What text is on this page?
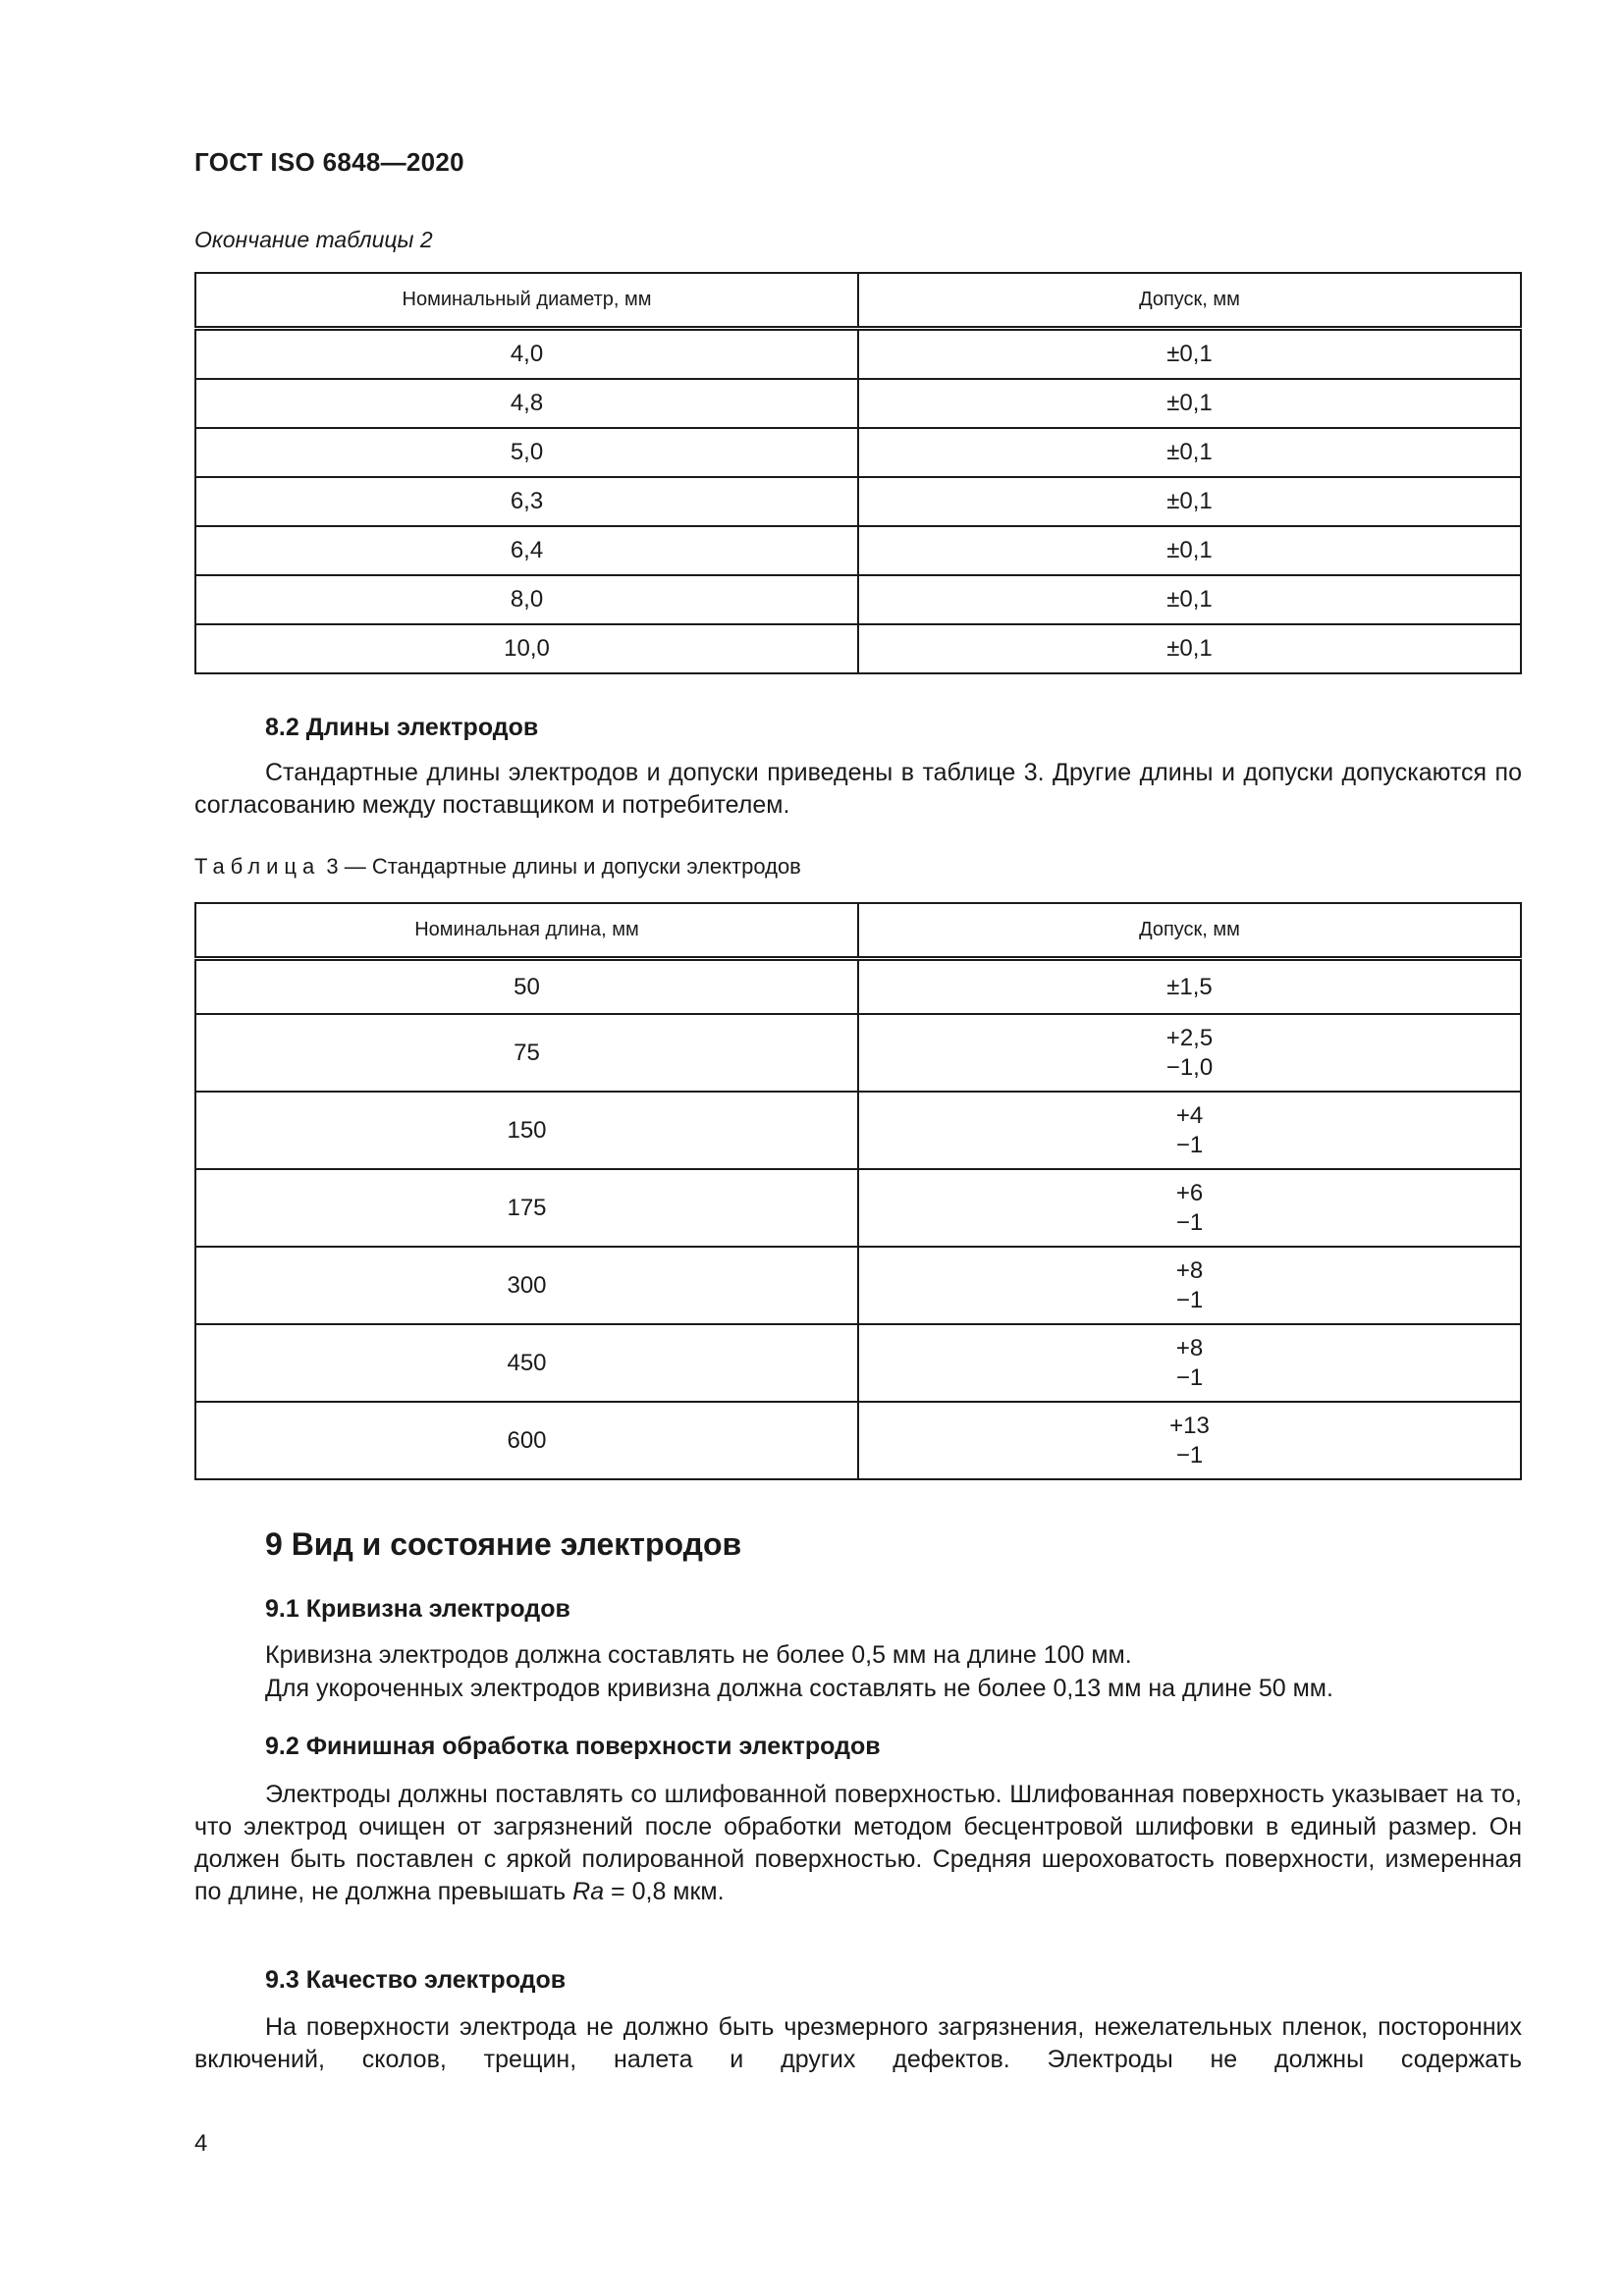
ГОСТ ISO 6848—2020
Окончание таблицы 2
Номинальный диаметр, мм	Допуск, мм
4,0	±0,1
4,8	±0,1
5,0	±0,1
6,3	±0,1
6,4	±0,1
8,0	±0,1
10,0	±0,1
8.2 Длины электродов

Стандартные длины электродов и допуски приведены в таблице 3. Другие длины и допуски допускаются по согласованию между поставщиком и потребителем.

Таблица 3 — Стандартные длины и допуски электродов
Номинальная длина, мм	Допуск, мм
50	±1,5

75	+2,5
−1,0

150	+4
−1

175	+6
−1

300	+8
−1

450	+8
−1

600	+13
−1
9 Вид и состояние электродов
9.1 Кривизна электродов

Кривизна электродов должна составлять не более 0,5 мм на длине 100 мм.

Для укороченных электродов кривизна должна составлять не более 0,13 мм на длине 50 мм.

9.2 Финишная обработка поверхности электродов

Электроды должны поставлять со шлифованной поверхностью. Шлифованная поверхность указывает на то, что электрод очищен от загрязнений после обработки методом бесцентровой шлифовки в единый размер. Он должен быть поставлен с яркой полированной поверхностью. Средняя шероховатость поверхности, измеренная по длине, не должна превышать Ra = 0,8 мкм.

9.3 Качество электродов

На поверхности электрода не должно быть чрезмерного загрязнения, нежелательных пленок, посторонних включений, сколов, трещин, налета и других дефектов. Электроды не должны содержать

4
